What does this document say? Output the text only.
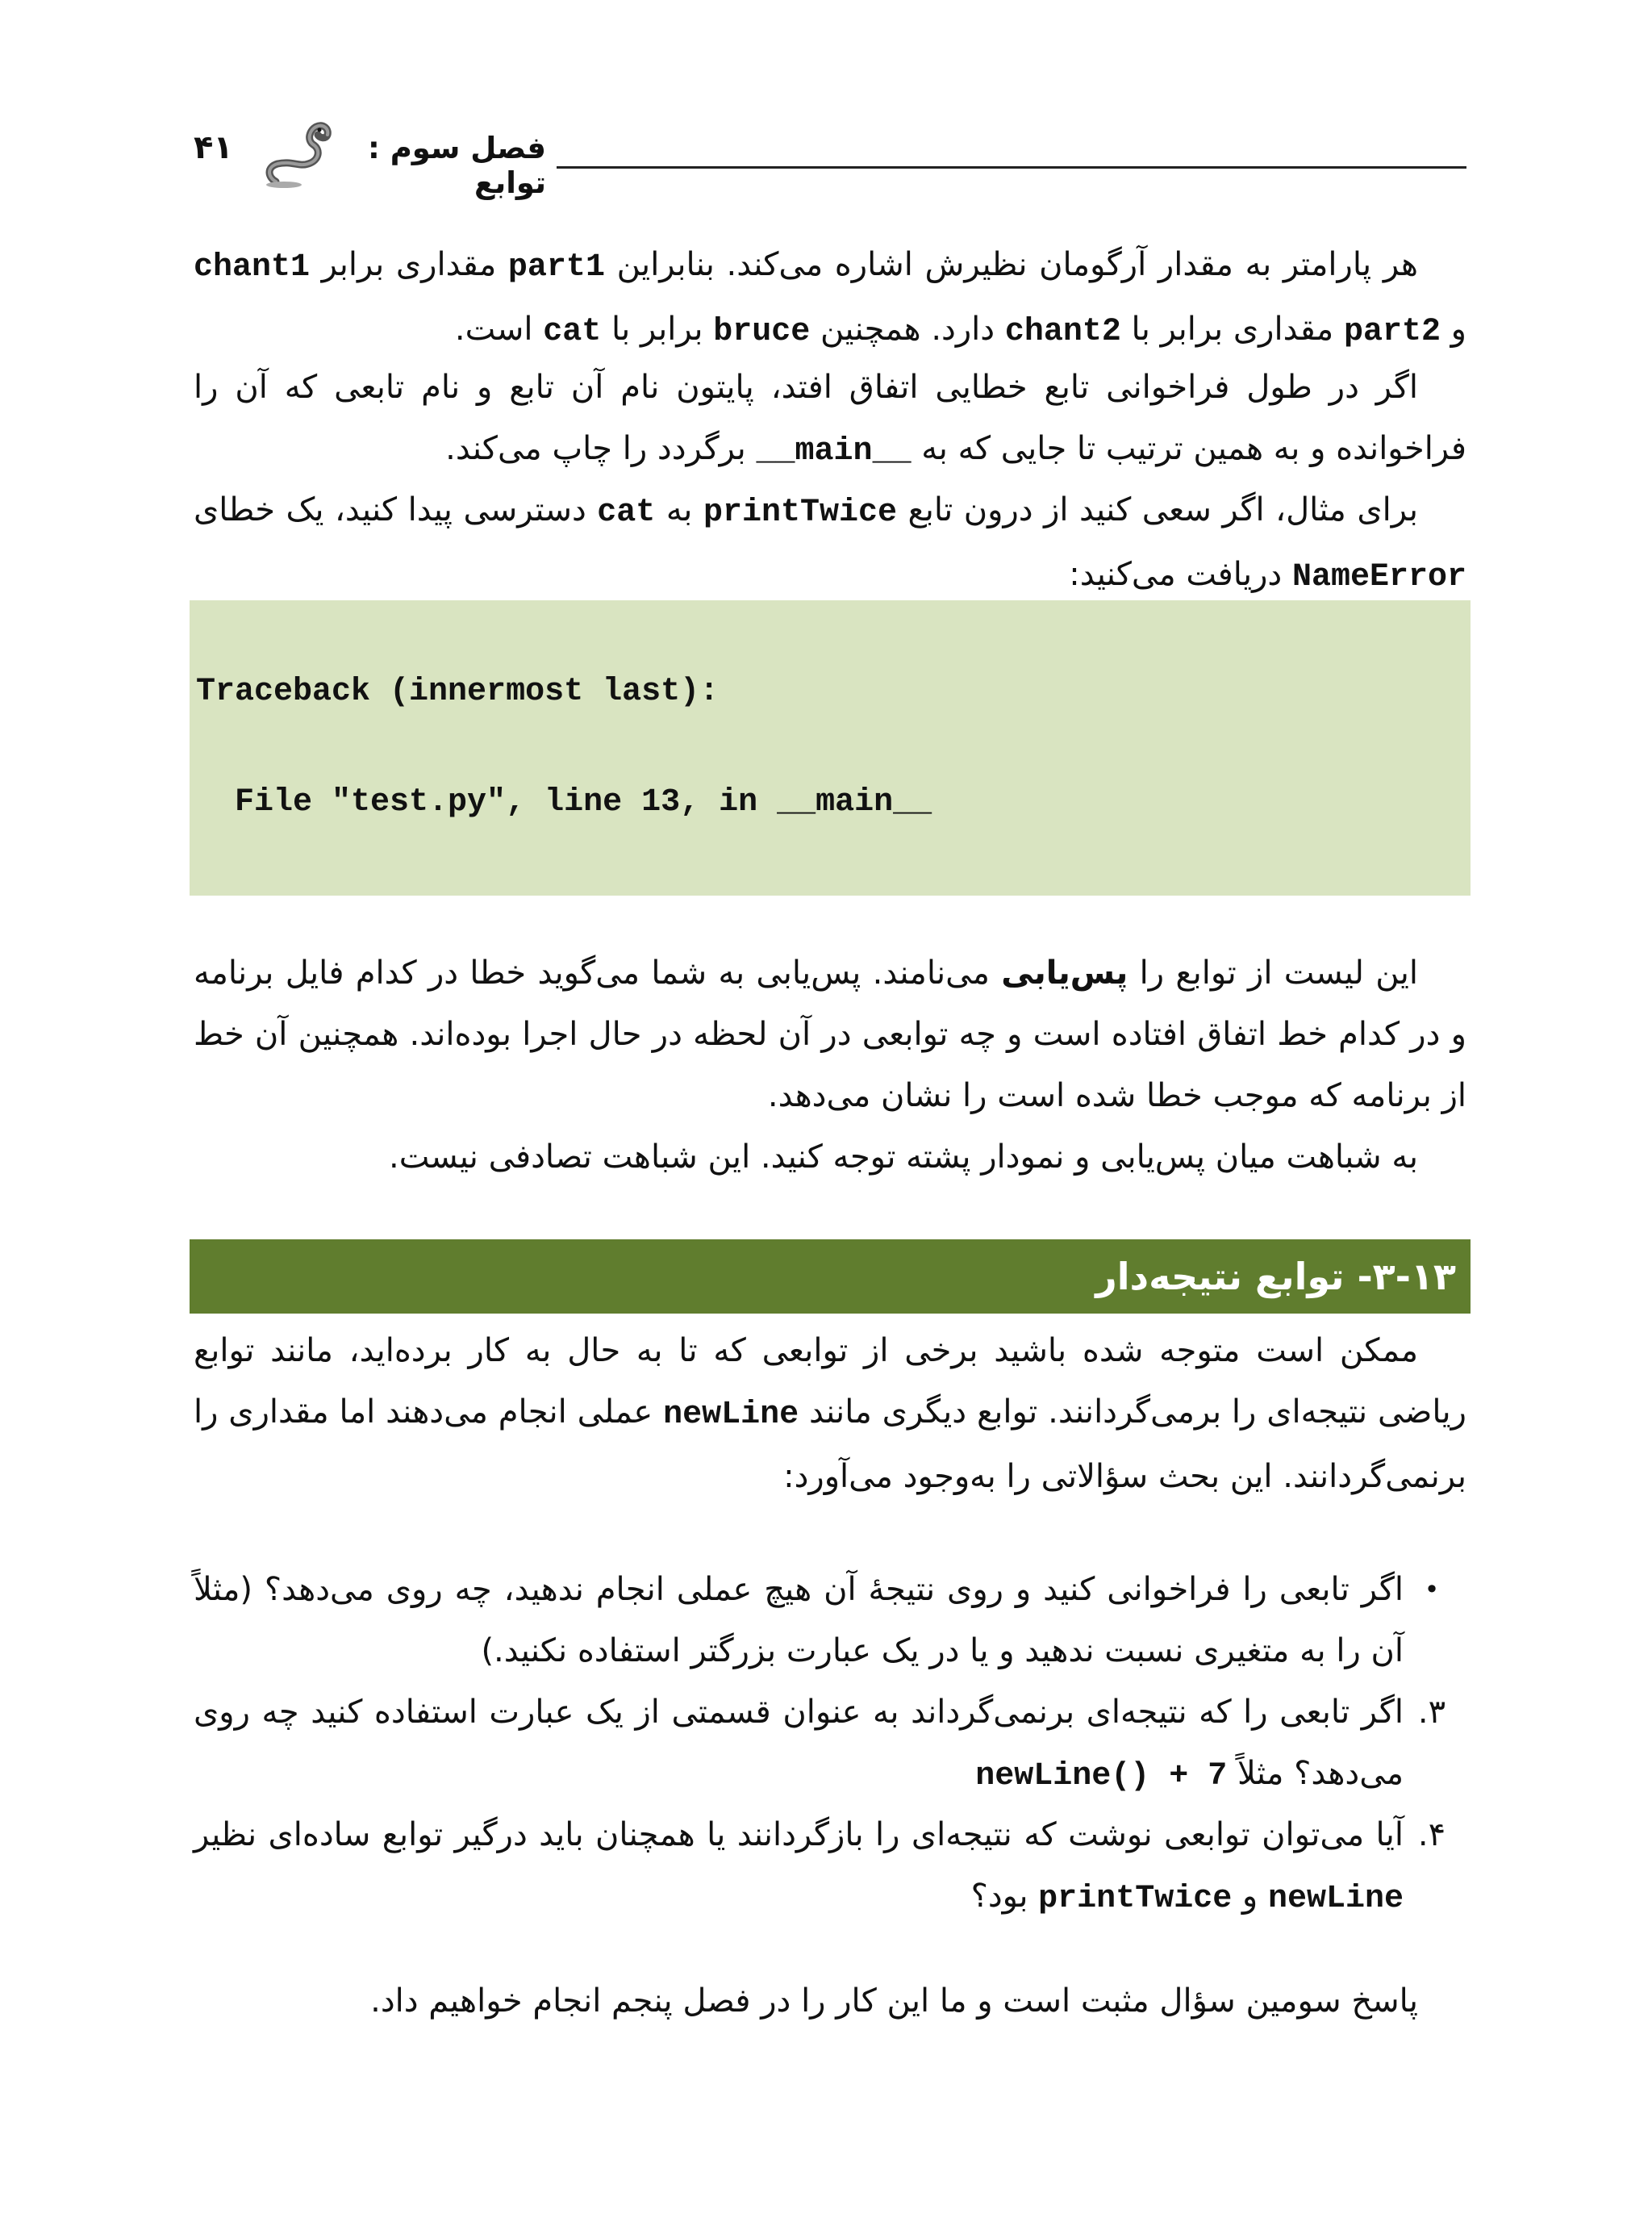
۴۱	فصل سوم : توابع
هر پارامتر به مقدار آرگومان نظیرش اشاره می‌کند. بنابراین part1 مقداری برابر chant1 و part2 مقداری برابر با chant2 دارد. همچنین bruce برابر با cat است.
اگر در طول فراخوانی تابع خطایی اتفاق افتد، پایتون نام آن تابع و نام تابعی که آن را فراخوانده و به همین ترتیب تا جایی که به __main__ برگردد را چاپ می‌کند.
برای مثال، اگر سعی کنید از درون تابع printTwice به cat دسترسی پیدا کنید، یک خطای NameError دریافت می‌کنید:

Traceback (innermost last):

File "test.py", line 13, in __main__

این لیست از توابع را پس‌یابی می‌نامند. پس‌یابی به شما می‌گوید خطا در کدام فایل برنامه و در کدام خط اتفاق افتاده است و چه توابعی در آن لحظه در حال اجرا بوده‌اند. همچنین آن خط از برنامه که موجب خطا شده است را نشان می‌دهد.
به شباهت میان پس‌یابی و نمودار پشته توجه کنید. این شباهت تصادفی نیست.
۳-۱۳- توابع نتیجه‌دار
ممکن است متوجه شده باشید برخی از توابعی که تا به حال به کار برده‌اید، مانند توابع ریاضی نتیجه‌ای را برمی‌گردانند. توابع دیگری مانند newLine عملی انجام می‌دهند اما مقداری را برنمی‌گردانند. این بحث سؤالاتی را به‌وجود می‌آورد:
•
اگر تابعی را فراخوانی کنید و روی نتیجهٔ آن هیچ عملی انجام ندهید، چه روی می‌دهد؟ (مثلاً آن را به متغیری نسبت ندهید و یا در یک عبارت بزرگتر استفاده نکنید.)
۳.
اگر تابعی را که نتیجه‌ای برنمی‌گرداند به عنوان قسمتی از یک عبارت استفاده کنید چه روی می‌دهد؟ مثلاً newLine() + 7
۴.
آیا می‌توان توابعی نوشت که نتیجه‌ای را بازگردانند یا همچنان باید درگیر توابع ساده‌ای نظیر newLine و printTwice بود؟
پاسخ سومین سؤال مثبت است و ما این کار را در فصل پنجم انجام خواهیم داد.
